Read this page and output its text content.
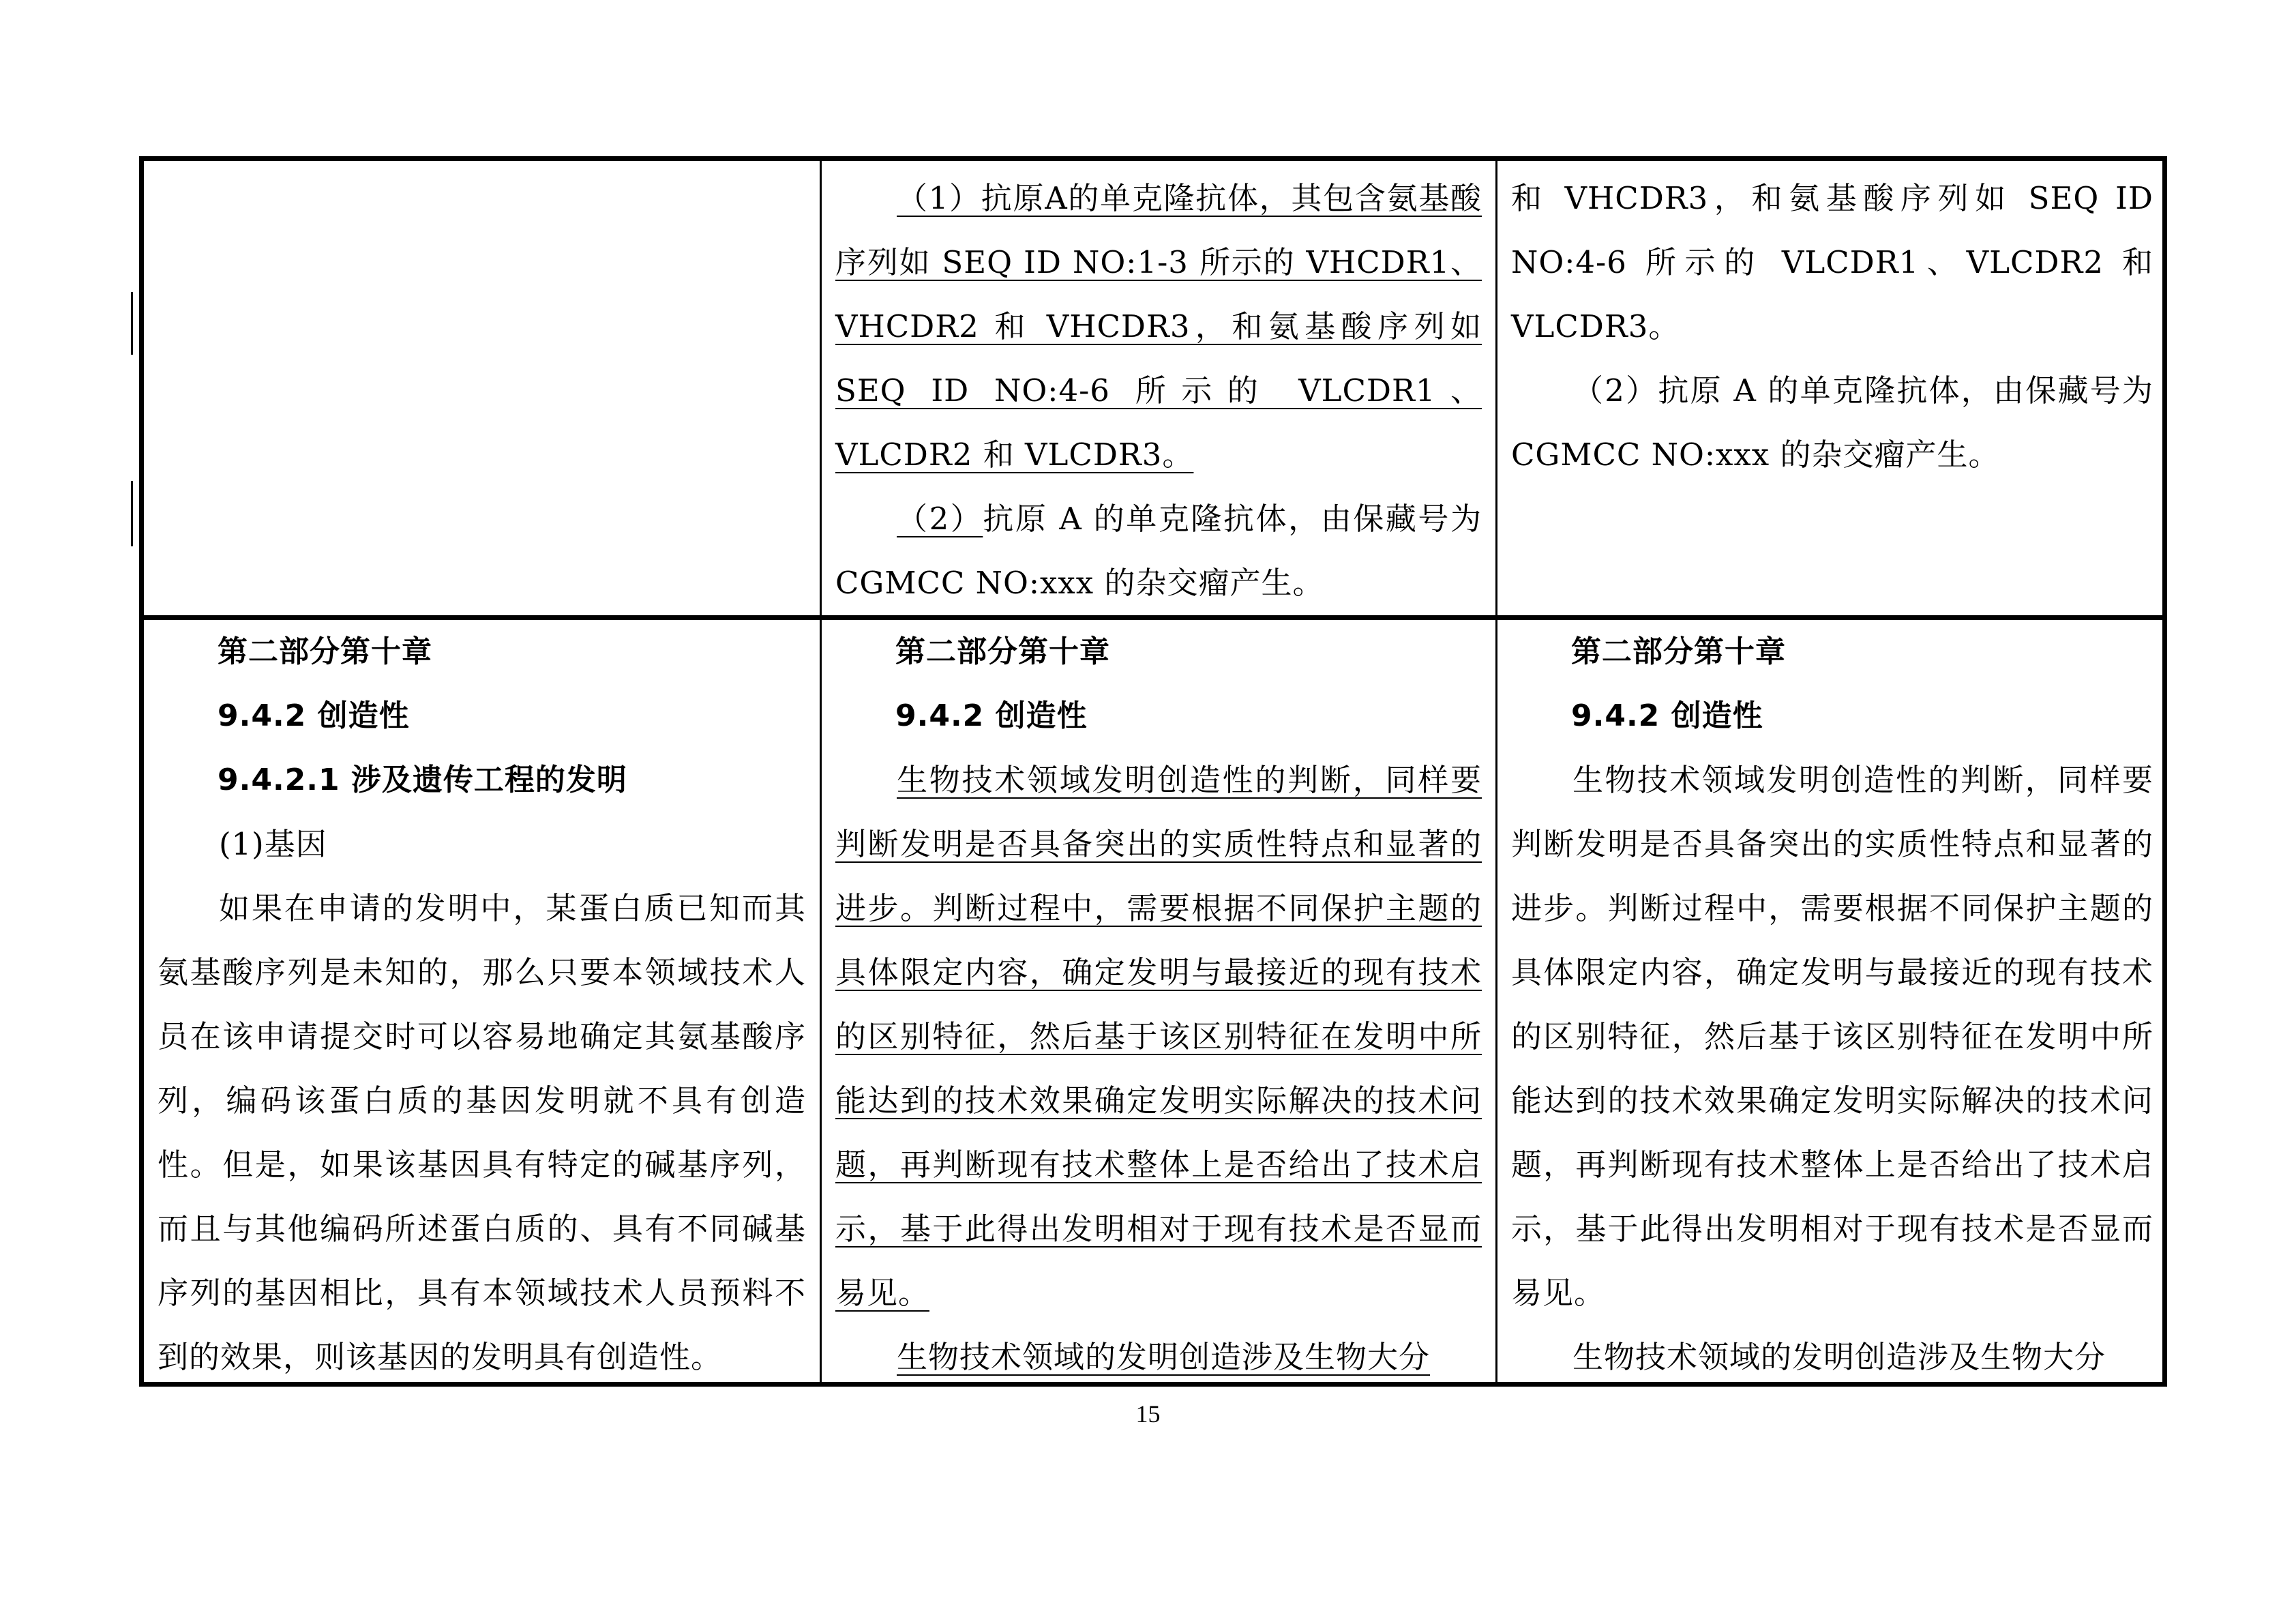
（1）抗原A的单克隆抗体，其包含氨基酸序列如 SEQ ID NO:1-3 所示的 VHCDR1、VHCDR2 和 VHCDR3，和氨基酸序列如 SEQ ID NO:4-6 所示的 VLCDR1、VLCDR2 和 VLCDR3。

（2）抗原 A 的单克隆抗体，由保藏号为 CGMCC NO:xxx 的杂交瘤产生。

和 VHCDR3，和氨基酸序列如 SEQ ID NO:4-6 所示的 VLCDR1、VLCDR2 和 VLCDR3。

（2）抗原 A 的单克隆抗体，由保藏号为 CGMCC NO:xxx 的杂交瘤产生。

第二部分第十章

9.4.2 创造性

9.4.2.1 涉及遗传工程的发明

(1)基因

如果在申请的发明中，某蛋白质已知而其氨基酸序列是未知的，那么只要本领域技术人员在该申请提交时可以容易地确定其氨基酸序列，编码该蛋白质的基因发明就不具有创造性。但是，如果该基因具有特定的碱基序列，而且与其他编码所述蛋白质的、具有不同碱基序列的基因相比，具有本领域技术人员预料不到的效果，则该基因的发明具有创造性。

第二部分第十章

9.4.2 创造性

生物技术领域发明创造性的判断，同样要判断发明是否具备突出的实质性特点和显著的进步。判断过程中，需要根据不同保护主题的具体限定内容，确定发明与最接近的现有技术的区别特征，然后基于该区别特征在发明中所能达到的技术效果确定发明实际解决的技术问题，再判断现有技术整体上是否给出了技术启示，基于此得出发明相对于现有技术是否显而易见。

生物技术领域的发明创造涉及生物大分

第二部分第十章

9.4.2 创造性

生物技术领域发明创造性的判断，同样要判断发明是否具备突出的实质性特点和显著的进步。判断过程中，需要根据不同保护主题的具体限定内容，确定发明与最接近的现有技术的区别特征，然后基于该区别特征在发明中所能达到的技术效果确定发明实际解决的技术问题，再判断现有技术整体上是否给出了技术启示，基于此得出发明相对于现有技术是否显而易见。

生物技术领域的发明创造涉及生物大分

15
